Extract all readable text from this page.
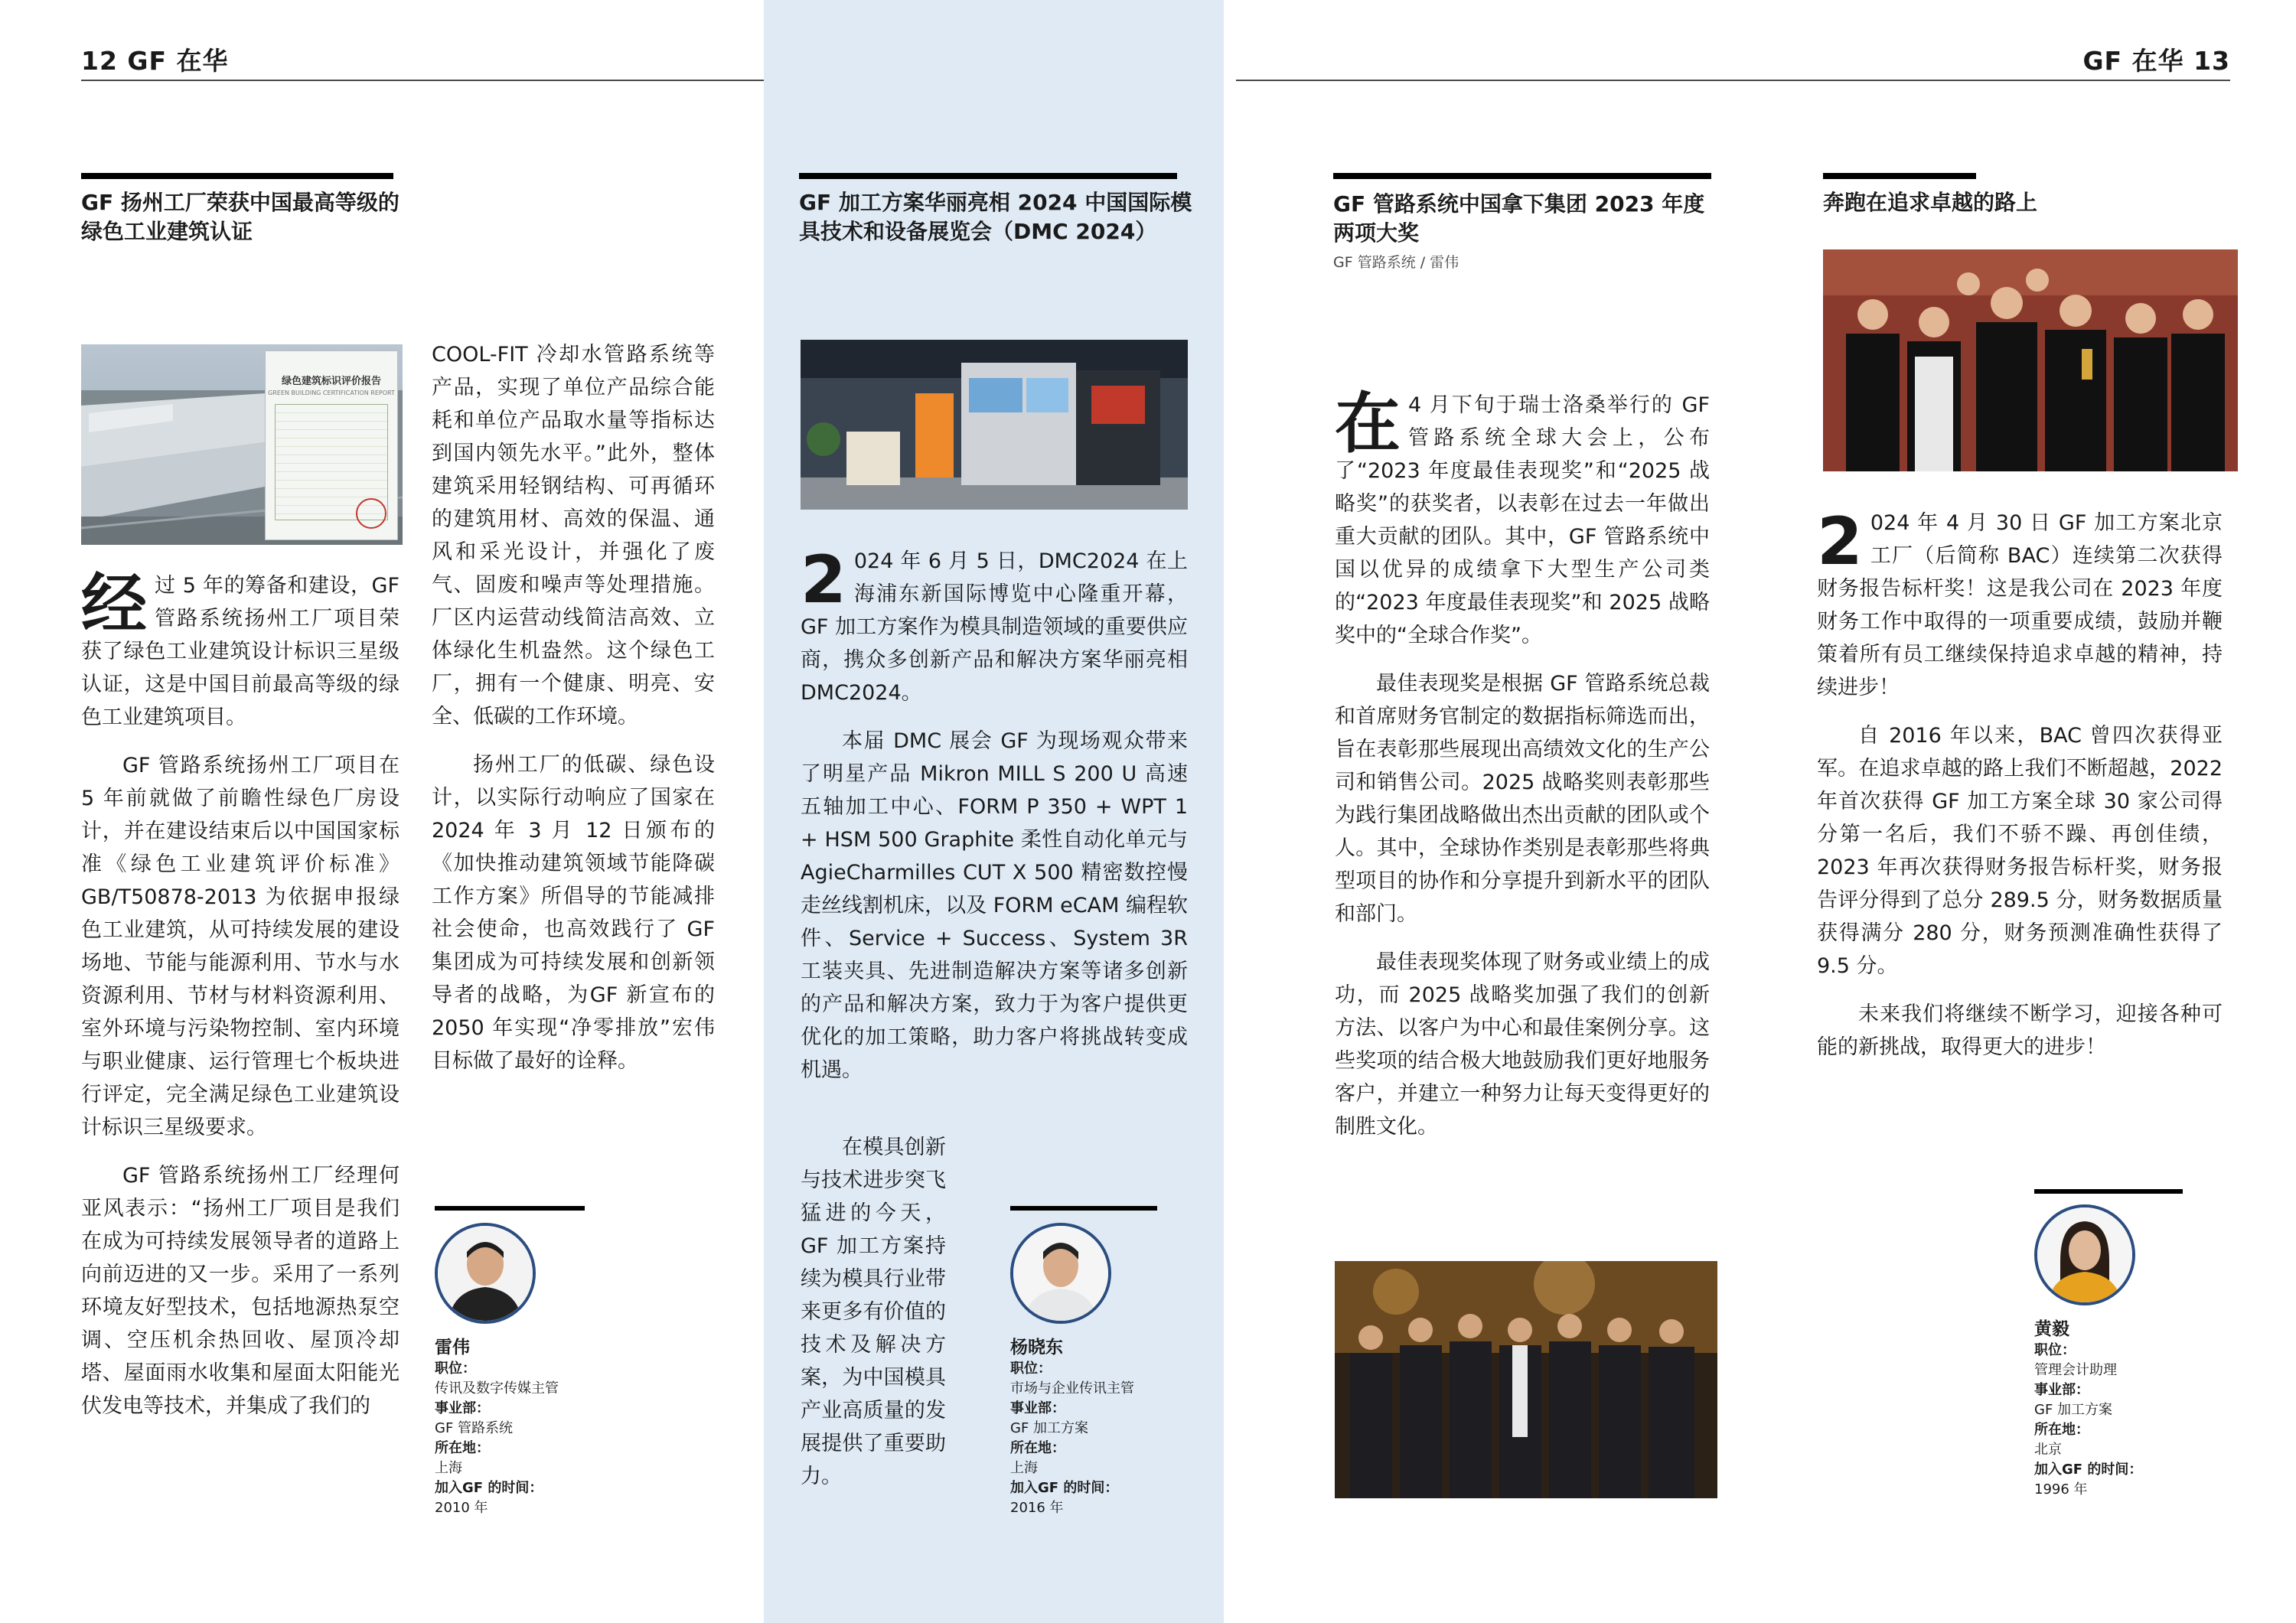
12 GF 在华	GF 在华 13
GF 扬州工厂荣获中国最高等级的绿色工业建筑认证
绿色建筑标识评价报告
GREEN BUILDING CERTIFICATION REPORT

经过 5 年的筹备和建设，GF 管路系统扬州工厂项目荣获了绿色工业建筑设计标识三星级认证，这是中国目前最高等级的绿色工业建筑项目。

GF 管路系统扬州工厂项目在 5 年前就做了前瞻性绿色厂房设计，并在建设结束后以中国国家标准《绿色工业建筑评价标准》GB/T50878-2013 为依据申报绿色工业建筑，从可持续发展的建设场地、节能与能源利用、节水与水资源利用、节材与材料资源利用、室外环境与污染物控制、室内环境与职业健康、运行管理七个板块进行评定，完全满足绿色工业建筑设计标识三星级要求。

GF 管路系统扬州工厂经理何亚风表示：“扬州工厂项目是我们在成为可持续发展领导者的道路上向前迈进的又一步。采用了一系列环境友好型技术，包括地源热泵空调、空压机余热回收、屋顶冷却塔、屋面雨水收集和屋面太阳能光伏发电等技术，并集成了我们的

COOL-FIT 冷却水管路系统等产品，实现了单位产品综合能耗和单位产品取水量等指标达到国内领先水平。”此外，整体建筑采用轻钢结构、可再循环的建筑用材、高效的保温、通风和采光设计，并强化了废气、固废和噪声等处理措施。厂区内运营动线简洁高效、立体绿化生机盎然。这个绿色工厂，拥有一个健康、明亮、安全、低碳的工作环境。

扬州工厂的低碳、绿色设计，以实际行动响应了国家在 2024 年 3 月 12 日颁布的《加快推动建筑领域节能降碳工作方案》所倡导的节能减排社会使命，也高效践行了 GF 集团成为可持续发展和创新领导者的战略，为GF 新宣布的 2050 年实现“净零排放”宏伟目标做了最好的诠释。

雷伟
职位：
传讯及数字传媒主管
事业部：
GF 管路系统
所在地：
上海
加入GF 的时间：
2010 年
GF 加工方案华丽亮相 2024 中国国际模具技术和设备展览会（DMC 2024）

2 024 年 6 月 5 日，DMC2024 在上海浦东新国际博览中心隆重开幕，GF 加工方案作为模具制造领域的重要供应商，携众多创新产品和解决方案华丽亮相 DMC2024。

本届 DMC 展会 GF 为现场观众带来了明星产品 Mikron MILL S 200 U 高速五轴加工中心、FORM P 350 + WPT 1 + HSM 500 Graphite 柔性自动化单元与 AgieCharmilles CUT X 500 精密数控慢走丝线割机床，以及 FORM eCAM 编程软件、Service + Success、System 3R 工装夹具、先进制造解决方案等诸多创新的产品和解决方案，致力于为客户提供更优化的加工策略，助力客户将挑战转变成机遇。

在模具创新与技术进步突飞猛进的今天，GF 加工方案持续为模具行业带来更多有价值的技术及解决方案，为中国模具产业高质量的发展提供了重要助力。

杨晓东
职位：
市场与企业传讯主管
事业部：
GF 加工方案
所在地：
上海
加入GF 的时间：
2016 年
GF 管路系统中国拿下集团 2023 年度两项大奖
GF 管路系统 / 雷伟

在 4 月下旬于瑞士洛桑举行的 GF 管路系统全球大会上，公布了“2023 年度最佳表现奖”和“2025 战略奖”的获奖者，以表彰在过去一年做出重大贡献的团队。其中，GF 管路系统中国以优异的成绩拿下大型生产公司类的“2023 年度最佳表现奖”和 2025 战略奖中的“全球合作奖”。

最佳表现奖是根据 GF 管路系统总裁和首席财务官制定的数据指标筛选而出，旨在表彰那些展现出高绩效文化的生产公司和销售公司。2025 战略奖则表彰那些为践行集团战略做出杰出贡献的团队或个人。其中，全球协作类别是表彰那些将典型项目的协作和分享提升到新水平的团队和部门。

最佳表现奖体现了财务或业绩上的成功，而 2025 战略奖加强了我们的创新方法、以客户为中心和最佳案例分享。这些奖项的结合极大地鼓励我们更好地服务客户，并建立一种努力让每天变得更好的制胜文化。

奔跑在追求卓越的路上

2 024 年 4 月 30 日 GF 加工方案北京工厂（后简称 BAC）连续第二次获得财务报告标杆奖！这是我公司在 2023 年度财务工作中取得的一项重要成绩，鼓励并鞭策着所有员工继续保持追求卓越的精神，持续进步！

自 2016 年以来，BAC 曾四次获得亚军。在追求卓越的路上我们不断超越，2022 年首次获得 GF 加工方案全球 30 家公司得分第一名后，我们不骄不躁、再创佳绩，2023 年再次获得财务报告标杆奖，财务报告评分得到了总分 289.5 分，财务数据质量获得满分 280 分，财务预测准确性获得了 9.5 分。

未来我们将继续不断学习，迎接各种可能的新挑战，取得更大的进步！

黄毅
职位：
管理会计助理
事业部：
GF 加工方案
所在地：
北京
加入GF 的时间：
1996 年
